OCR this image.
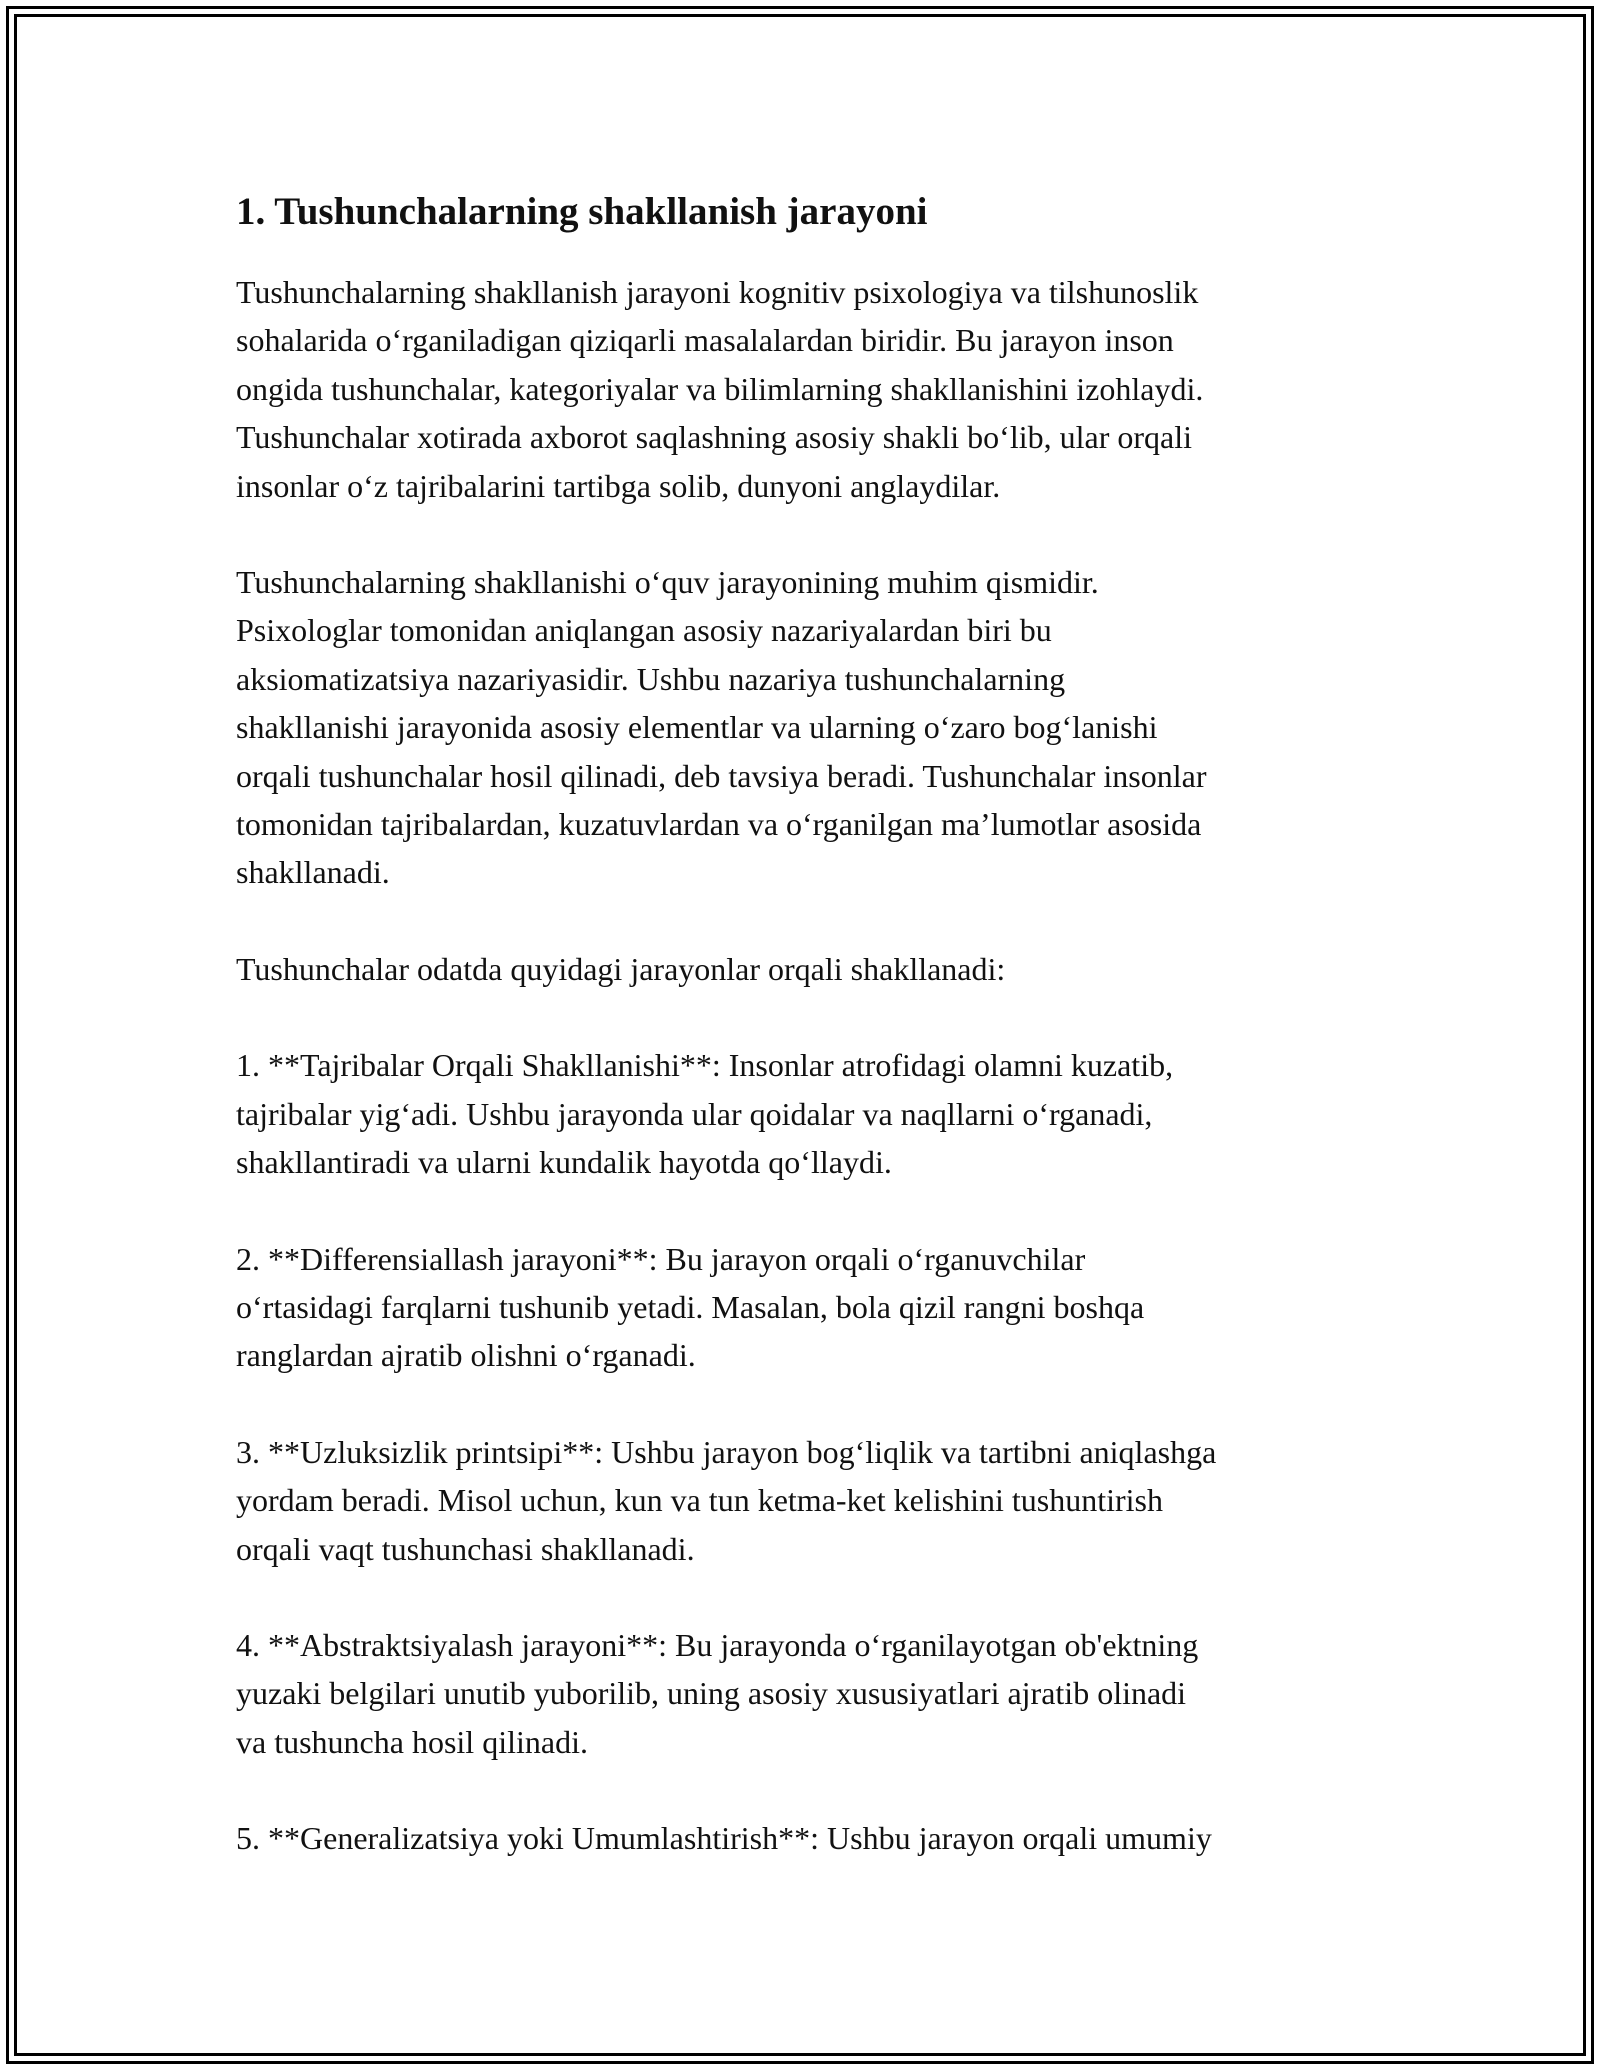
1. Tushunchalarning shakllanish jarayoni

Tushunchalarning shakllanish jarayoni kognitiv psixologiya va tilshunoslik
sohalarida o‘rganiladigan qiziqarli masalalardan biridir. Bu jarayon inson
ongida tushunchalar, kategoriyalar va bilimlarning shakllanishini izohlaydi.
Tushunchalar xotirada axborot saqlashning asosiy shakli bo‘lib, ular orqali
insonlar o‘z tajribalarini tartibga solib, dunyoni anglaydilar.

Tushunchalarning shakllanishi o‘quv jarayonining muhim qismidir.
Psixologlar tomonidan aniqlangan asosiy nazariyalardan biri bu
aksiomatizatsiya nazariyasidir. Ushbu nazariya tushunchalarning
shakllanishi jarayonida asosiy elementlar va ularning o‘zaro bog‘lanishi
orqali tushunchalar hosil qilinadi, deb tavsiya beradi. Tushunchalar insonlar
tomonidan tajribalardan, kuzatuvlardan va o‘rganilgan ma’lumotlar asosida
shakllanadi.

Tushunchalar odatda quyidagi jarayonlar orqali shakllanadi:

1. **Tajribalar Orqali Shakllanishi**: Insonlar atrofidagi olamni kuzatib,
tajribalar yig‘adi. Ushbu jarayonda ular qoidalar va naqllarni o‘rganadi,
shakllantiradi va ularni kundalik hayotda qo‘llaydi.

2. **Differensiallash jarayoni**: Bu jarayon orqali o‘rganuvchilar
o‘rtasidagi farqlarni tushunib yetadi. Masalan, bola qizil rangni boshqa
ranglardan ajratib olishni o‘rganadi.

3. **Uzluksizlik printsipi**: Ushbu jarayon bog‘liqlik va tartibni aniqlashga
yordam beradi. Misol uchun, kun va tun ketma-ket kelishini tushuntirish
orqali vaqt tushunchasi shakllanadi.

4. **Abstraktsiyalash jarayoni**: Bu jarayonda o‘rganilayotgan ob'ektning
yuzaki belgilari unutib yuborilib, uning asosiy xususiyatlari ajratib olinadi
va tushuncha hosil qilinadi.

5. **Generalizatsiya yoki Umumlashtirish**: Ushbu jarayon orqali umumiy
